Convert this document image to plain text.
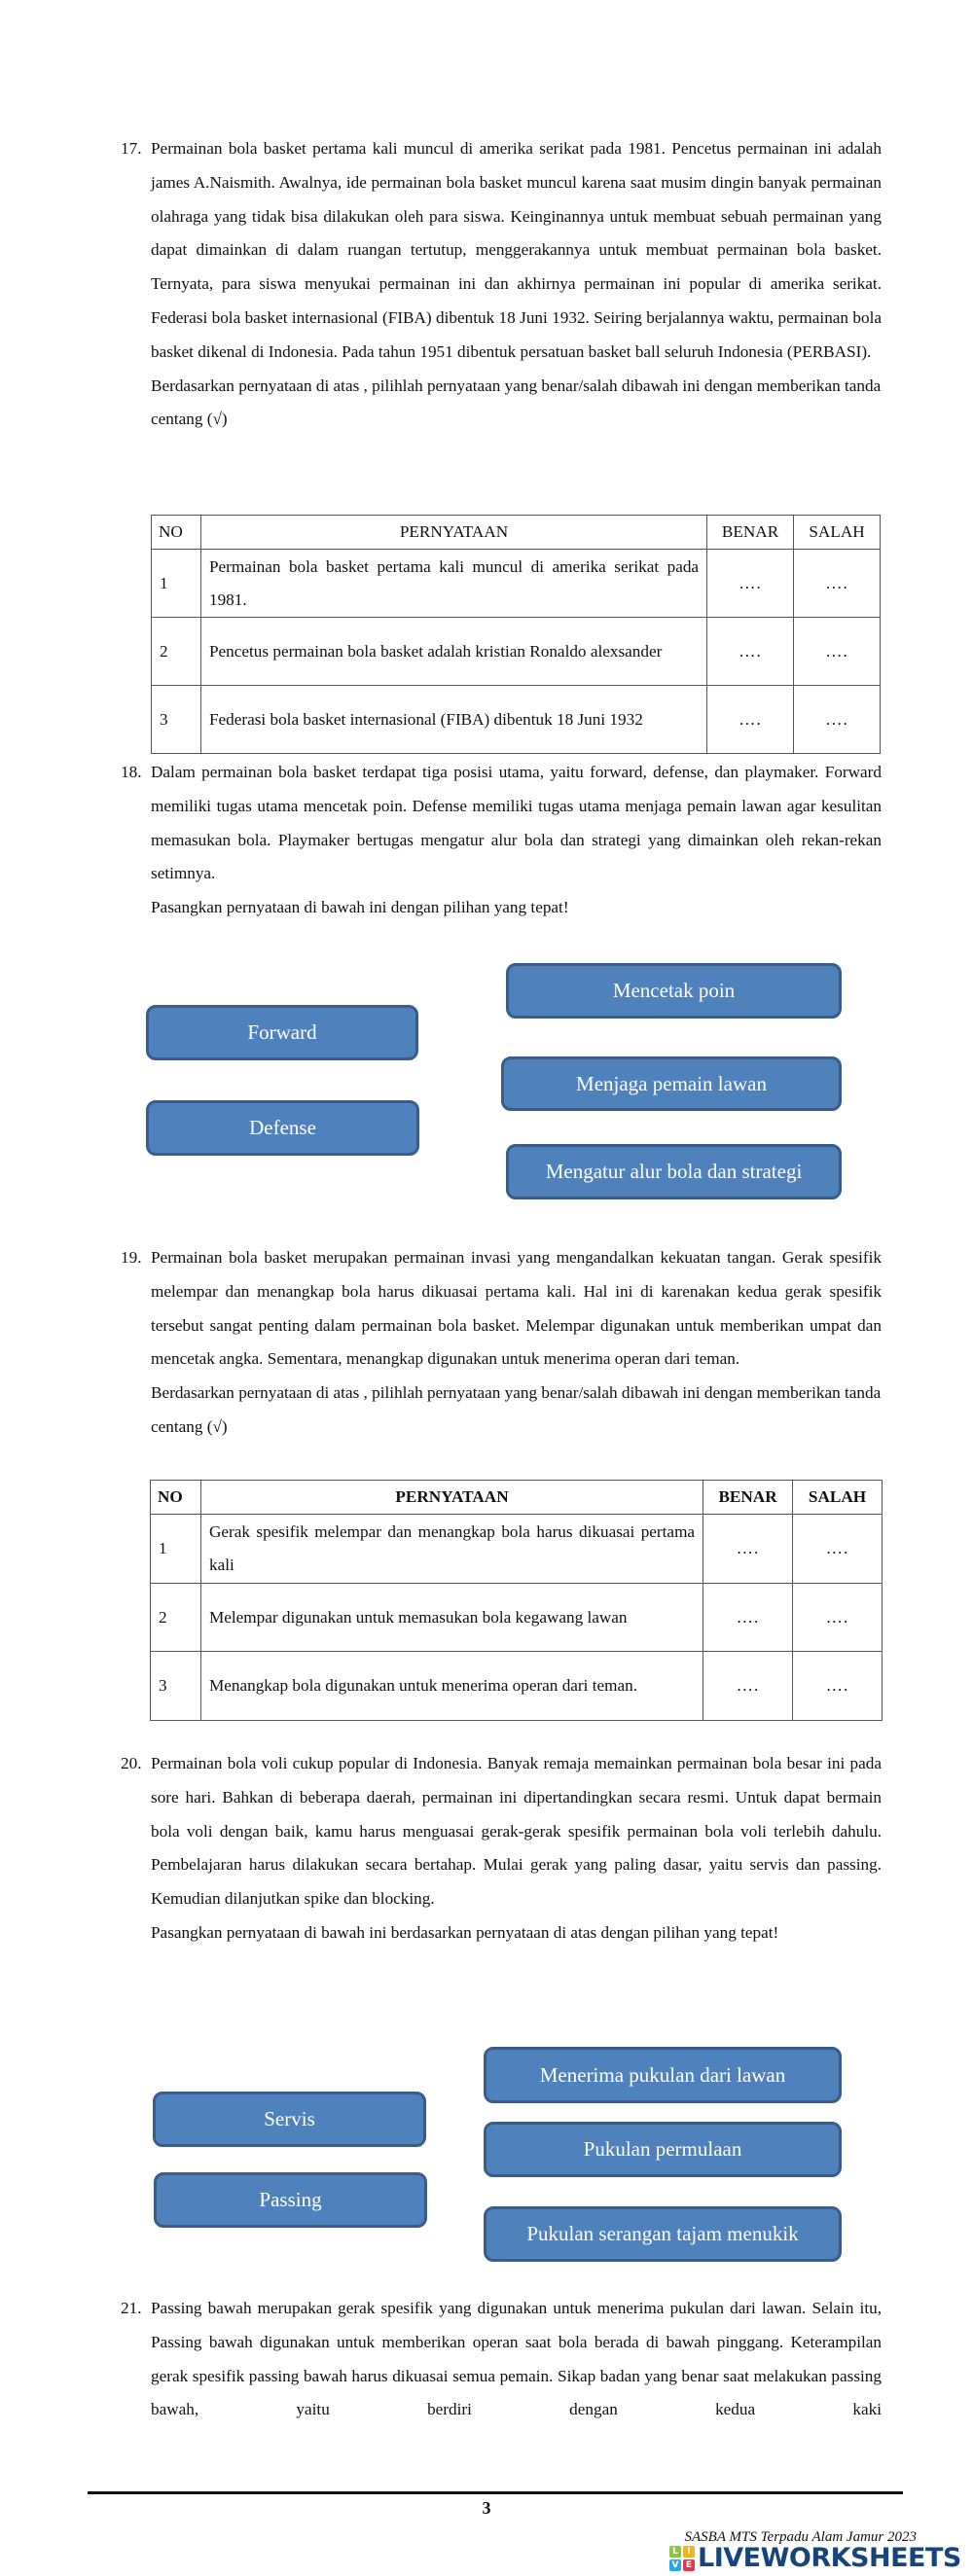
17. Permainan bola basket pertama kali muncul di amerika serikat pada 1981. Pencetus permainan ini adalah james A.Naismith. Awalnya, ide permainan bola basket muncul karena saat musim dingin banyak permainan olahraga yang tidak bisa dilakukan oleh para siswa. Keinginannya untuk membuat sebuah permainan yang dapat dimainkan di dalam ruangan tertutup, menggerakannya untuk membuat permainan bola basket. Ternyata, para siswa menyukai permainan ini dan akhirnya permainan ini popular di amerika serikat. Federasi bola basket internasional (FIBA) dibentuk 18 Juni 1932. Seiring berjalannya waktu, permainan bola basket dikenal di Indonesia. Pada tahun 1951 dibentuk persatuan basket ball seluruh Indonesia (PERBASI).

Berdasarkan pernyataan di atas , pilihlah pernyataan yang benar/salah dibawah ini dengan memberikan tanda centang (√)

NO	PERNYATAAN	BENAR	SALAH
1	Permainan bola basket pertama kali muncul di amerika serikat pada 1981.	….	….
2	Pencetus permainan bola basket adalah kristian Ronaldo alexsander	….	….
3	Federasi bola basket internasional (FIBA) dibentuk 18 Juni 1932	….	….
18. Dalam permainan bola basket terdapat tiga posisi utama, yaitu forward, defense, dan playmaker. Forward memiliki tugas utama mencetak poin. Defense memiliki tugas utama menjaga pemain lawan agar kesulitan memasukan bola. Playmaker bertugas mengatur alur bola dan strategi yang dimainkan oleh rekan-rekan setimnya.

Pasangkan pernyataan di bawah ini dengan pilihan yang tepat!

Forward
Defense
Mencetak poin
Menjaga pemain lawan
Mengatur alur bola dan strategi
19. Permainan bola basket merupakan permainan invasi yang mengandalkan kekuatan tangan. Gerak spesifik melempar dan menangkap bola harus dikuasai pertama kali. Hal ini di karenakan kedua gerak spesifik tersebut sangat penting dalam permainan bola basket. Melempar digunakan untuk memberikan umpat dan mencetak angka. Sementara, menangkap digunakan untuk menerima operan dari teman.

Berdasarkan pernyataan di atas , pilihlah pernyataan yang benar/salah dibawah ini dengan memberikan tanda centang (√)

NO	PERNYATAAN	BENAR	SALAH
1	Gerak spesifik melempar dan menangkap bola harus dikuasai pertama kali	….	….
2	Melempar digunakan untuk memasukan bola kegawang lawan	….	….
3	Menangkap bola digunakan untuk menerima operan dari teman.	….	….
20. Permainan bola voli cukup popular di Indonesia. Banyak remaja memainkan permainan bola besar ini pada sore hari. Bahkan di beberapa daerah, permainan ini dipertandingkan secara resmi. Untuk dapat bermain bola voli dengan baik, kamu harus menguasai gerak-gerak spesifik permainan bola voli terlebih dahulu. Pembelajaran harus dilakukan secara bertahap. Mulai gerak yang paling dasar, yaitu servis dan passing. Kemudian dilanjutkan spike dan blocking.

Pasangkan pernyataan di bawah ini berdasarkan pernyataan di atas dengan pilihan yang tepat!

Servis
Passing
Menerima pukulan dari lawan
Pukulan permulaan
Pukulan serangan tajam menukik
21. Passing bawah merupakan gerak spesifik yang digunakan untuk menerima pukulan dari lawan. Selain itu, Passing bawah digunakan untuk memberikan operan saat bola berada di bawah pinggang. Keterampilan gerak spesifik passing bawah harus dikuasai semua pemain. Sikap badan yang benar saat melakukan passing bawah, yaitu berdiri dengan kedua kaki

3
SASBA MTS Terpadu Alam Jamur 2023
L	I
V E LIVEWORKSHEETS
